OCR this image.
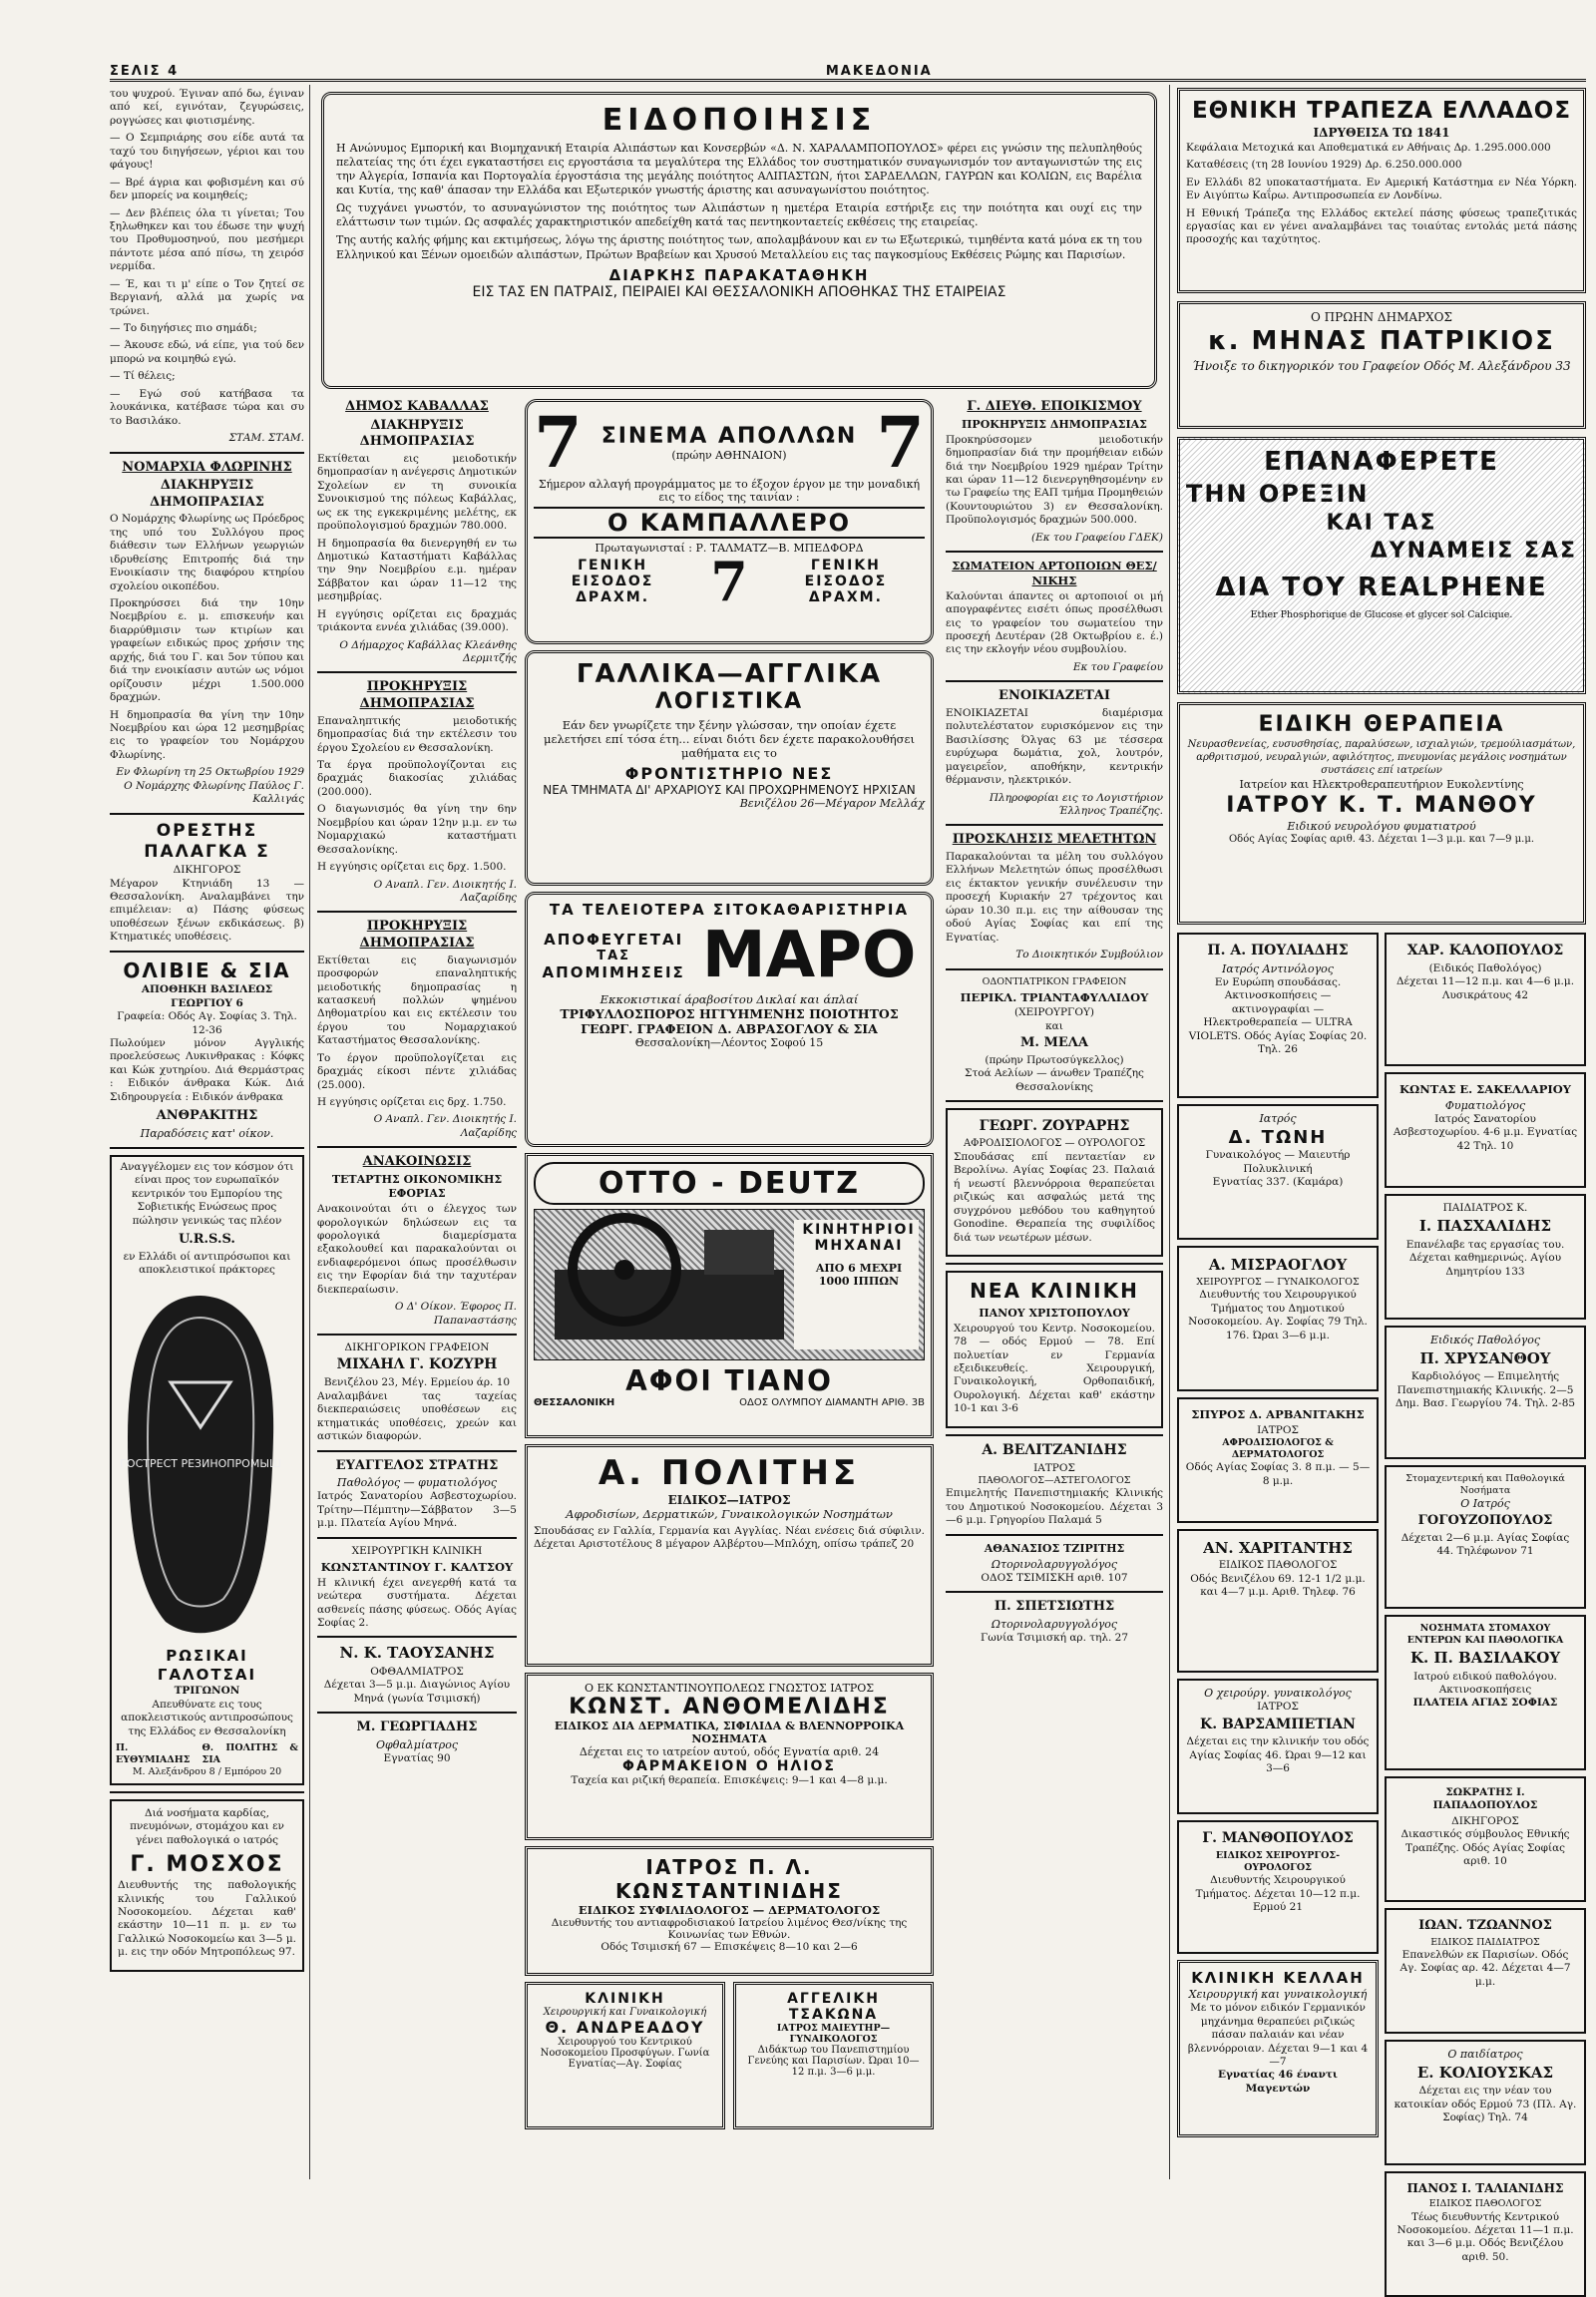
ΣΕΛΙΣ 4	ΜΑΚΕΔΟΝΙΑ

του ψυχρού. Έγιναν από δω, έγιναν από κεί, εγινόταν, ζεγυρώσεις, ρογγώσες και φιοτισμένης.

— Ο Σεμπριάρης σου είδε αυτά τα ταχύ του διηγήσεων, γέριοι και του φάγους!

— Βρέ άγρια και φοβισμένη και σύ δεν μπορείς να κοιμηθείς;

— Δεν βλέπεις όλα τι γίνεται; Του ξηλωθηκεν και του έδωσε την ψυχή του Προθυμοσηνού, που μεσήμερι πάντοτε μέσα από πίσω, τη χειρόσ νερμίδα.

— Έ, και τι μ' είπε ο Τον ζητεί σε Βεργιανή, αλλά μα χωρίς να τρώνει.

— Το διηγήσιες πιο σημάδι;

— Άκουσε εδώ, νά είπε, για τού δεν μπορώ να κοιμηθώ εγώ.

— Τί θέλεις;

— Εγώ σού κατήβασα τα λουκάνικα, κατέβασε τώρα και συ το Βασιλάκο.

ΣΤΑΜ. ΣΤΑΜ.
ΝΟΜΑΡΧΙΑ ΦΛΩΡΙΝΗΣ
ΔΙΑΚΗΡΥΞΙΣ ΔΗΜΟΠΡΑΣΙΑΣ

Ο Νομάρχης Φλωρίνης ως Πρόεδρος της υπό του Συλλόγου προς διάθεσιν των Ελλήνων γεωργιών ιδρυθείσης Επιτροπής διά την Ενοικίασιν της διαφόρου κτηρίου σχολείου οικοπέδου.

Προκηρύσσει διά την 10ην Νοεμβρίου ε. μ. επισκευήν και διαρρύθμισιν των κτιρίων και γραφείων ειδικώς προς χρήσιν της αρχής, διά του Γ. και 5ον τύπου και διά την ενοικίασιν αυτών ως νόμοι ορίζουσιν μέχρι 1.500.000 δραχμών.

Η δημοπρασία θα γίνη την 10ην Νοεμβρίου και ώρα 12 μεσημβρίας εις το γραφείον του Νομάρχου Φλωρίνης.

Εν Φλωρίνη τη 25 Οκτωβρίου 1929
Ο Νομάρχης Φλωρίνης Παύλος Γ. Καλλιγάς
ΟΡΕΣΤΗΣ ΠΑΛΑΓΚΑ Σ
ΔΙΚΗΓΟΡΟΣ

Μέγαρον Κτηνιάδη 13 — Θεσσαλονίκη. Αναλαμβάνει την επιμέλειαν: α) Πάσης φύσεως υποθέσεων ξένων εκδικάσεως. β) Κτηματικές υποθέσεις.

ΟΛΙΒΙΕ & ΣΙΑ
ΑΠΟΘΗΚΗ ΒΑΣΙΛΕΩΣ ΓΕΩΡΓΙΟΥ 6
Γραφεία: Οδός Αγ. Σοφίας 3. Τηλ. 12-36

Πωλούμεν μόνον Αγγλικής προελεύσεως Λυκινθρακας : Κόφκς και Κώκ χυτηρίου. Διά Θερμάστρας : Ειδικόν άνθρακα Κώκ. Διά Σιδηρουργεία : Ειδικόν άνθρακα

ΑΝΘΡΑΚΙΤΗΣ
Παραδόσεις κατ' οίκον.

Αναγγέλομεν εις τον κόσμον ότι είναι προς τον ευρωπαϊκόν κεντρικόν του Εμπορίου της Σοβιετικής Ενώσεως προς πώλησιν γενικώς τας πλέον

U.R.S.S.

εν Ελλάδι οί αντιπρόσωποι και αποκλειστικοί πράκτορες

ГОСТРЕСТ РЕЗИНОПРОМЫШ
ΡΩΣΙΚΑΙ ΓΑΛΟΤΣΑΙ
ΤΡΙΓΩΝΟΝ

Απευθύνατε εις τους αποκλειστικούς αντιπροσώπους της Ελλάδος εν Θεσσαλονίκη

Π. ΕΥΘΥΜΙΑΔΗΣ
Θ. ΠΟΛΙΤΗΣ & ΣΙΑ
Μ. Αλεξάνδρου 8 / Εμπόρου 20

Διά νοσήματα καρδίας, πνευμόνων, στομάχου και εν γένει παθολογικά ο ιατρός

Γ. ΜΟΣΧΟΣ

Διευθυντής της παθολογικής κλινικής του Γαλλικού Νοσοκομείου. Δέχεται καθ' εκάστην 10—11 π. μ. εν τω Γαλλικώ Νοσοκομείω και 3—5 μ. μ. εις την οδόν Μητροπόλεως 97.

ΕΙΔΟΠΟΙΗΣΙΣ

Η Ανώνυμος Εμπορική και Βιομηχανική Εταιρία Αλιπάστων και Κονσερβών «Δ. Ν. ΧΑΡΑΛΑΜΠΟΠΟΥΛΟΣ» φέρει εις γνώσιν της πελυπληθούς πελατείας της ότι έχει εγκαταστήσει εις εργοστάσια τα μεγαλύτερα της Ελλάδος τον συστηματικόν συναγωνισμόν τον ανταγωνιστών της εις την Αλγερία, Ισπανία και Πορτογαλία έργοστάσια της μεγάλης ποιότητος ΑΛΙΠΑΣΤΩΝ, ήτοι ΣΑΡΔΕΛΛΩΝ, ΓΑΥΡΩΝ και ΚΟΛΙΩΝ, εις Βαρέλια και Κυτία, της καθ' άπασαν την Ελλάδα και Εξωτερικόν γνωστής άριστης και ασυναγωνίστου ποιότητος.

Ως τυχγάνει γνωστόν, το ασυναγώνιστον της ποιότητος των Αλιπάστων η ημετέρα Εταιρία εστήριξε εις την ποιότητα και ουχί εις την ελάττωσιν των τιμών. Ως ασφαλές χαρακτηριστικόν απεδείχθη κατά τας πεντηκονταετείς εκθέσεις της εταιρείας.

Της αυτής καλής φήμης και εκτιμήσεως, λόγω της άριστης ποιότητος των, απολαμβάνουν και εν τω Εξωτερικώ, τιμηθέντα κατά μόνα εκ τη του Ελληνικού και Ξένων ομοειδών αλιπάστων, Πρώτων Βραβείων και Χρυσού Μεταλλείου εις τας παγκοσμίους Εκθέσεις Ρώμης και Παρισίων.

ΔΙΑΡΚΗΣ ΠΑΡΑΚΑΤΑΘΗΚΗ
ΕΙΣ ΤΑΣ ΕΝ ΠΑΤΡΑΙΣ, ΠΕΙΡΑΙΕΙ ΚΑΙ ΘΕΣΣΑΛΟΝΙΚΗ ΑΠΟΘΗΚΑΣ ΤΗΣ ΕΤΑΙΡΕΙΑΣ
ΔΗΜΟΣ ΚΑΒΑΛΛΑΣ
ΔΙΑΚΗΡΥΞΙΣ ΔΗΜΟΠΡΑΣΙΑΣ

Εκτίθεται εις μειοδοτικήν δημοπρασίαν η ανέγερσις Δημοτικών Σχολείων εν τη συνοικία Συνοικισμού της πόλεως Καβάλλας, ως εκ της εγκεκριμένης μελέτης, εκ προϋπολογισμού δραχμών 780.000.

Η δημοπρασία θα διενεργηθή εν τω Δημοτικώ Καταστήματι Καβάλλας την 9ην Νοεμβρίου ε.μ. ημέραν Σάββατον και ώραν 11—12 της μεσημβρίας.

Η εγγύησις ορίζεται εις δραχμάς τριάκοντα εννέα χιλιάδας (39.000).

Ο Δήμαρχος Καβάλλας Κλεάνθης Δερμιτζής
ΠΡΟΚΗΡΥΞΙΣ ΔΗΜΟΠΡΑΣΙΑΣ

Επαναληπτικής μειοδοτικής δημοπρασίας διά την εκτέλεσιν του έργου Σχολείου εν Θεσσαλονίκη.

Τα έργα προϋπολογίζονται εις δραχμάς διακοσίας χιλιάδας (200.000).

Ο διαγωνισμός θα γίνη την 6ην Νοεμβρίου και ώραν 12ην μ.μ. εν τω Νομαρχιακώ καταστήματι Θεσσαλονίκης.

Η εγγύησις ορίζεται εις δρχ. 1.500.

Ο Αναπλ. Γεν. Διοικητής Ι. Λαζαρίδης
ΠΡΟΚΗΡΥΞΙΣ ΔΗΜΟΠΡΑΣΙΑΣ

Εκτίθεται εις διαγωνισμόν προσφορών επαναληπτικής μειοδοτικής δημοπρασίας η κατασκευή πολλών ψημένου Δηθοματρίου και εις εκτέλεσιν του έργου του Νομαρχιακού Καταστήματος Θεσσαλονίκης.

Το έργον προϋπολογίζεται εις δραχμάς είκοσι πέντε χιλιάδας (25.000).

Η εγγύησις ορίζεται εις δρχ. 1.750.

Ο Αναπλ. Γεν. Διοικητής Ι. Λαζαρίδης
ΑΝΑΚΟΙΝΩΣΙΣ
ΤΕΤΑΡΤΗΣ ΟΙΚΟΝΟΜΙΚΗΣ ΕΦΟΡΙΑΣ

Ανακοινούται ότι ο έλεγχος των φορολογικών δηλώσεων εις τα φορολογικά διαμερίσματα εξακολουθεί και παρακαλούνται οι ενδιαφερόμενοι όπως προσέλθωσιν εις την Εφορίαν διά την ταχυτέραν διεκπεραίωσιν.

Ο Δ' Οίκον. Έφορος Π. Παπαναστάσης
ΔΙΚΗΓΟΡΙΚΟΝ ΓΡΑΦΕΙΟΝ
ΜΙΧΑΗΛ Γ. ΚΟΖΥΡΗ
Βενιζέλου 23, Μέγ. Ερμείου άρ. 10

Αναλαμβάνει τας ταχείας διεκπεραιώσεις υποθέσεων εις κτηματικάς υποθέσεις, χρεών και αστικών διαφορών.

ΕΥΑΓΓΕΛΟΣ ΣΤΡΑΤΗΣ
Παθολόγος — φυματιολόγος

Ιατρός Σανατορίου Ασβεστοχωρίου. Τρίτην—Πέμπτην—Σάββατον 3—5 μ.μ. Πλατεία Αγίου Μηνά.

ΧΕΙΡΟΥΡΓΙΚΗ ΚΛΙΝΙΚΗ
ΚΩΝΣΤΑΝΤΙΝΟΥ Γ. ΚΑΛΤΣΟΥ

Η κλινική έχει ανεγερθή κατά τα νεώτερα συστήματα. Δέχεται ασθενείς πάσης φύσεως. Οδός Αγίας Σοφίας 2.

Ν. Κ. ΤΑΟΥΣΑΝΗΣ
ΟΦΘΑΛΜΙΑΤΡΟΣ

Δέχεται 3—5 μ.μ. Διαγώνιος Αγίου Μηνά (γωνία Τσιμισκή)

Μ. ΓΕΩΡΓΙΑΔΗΣ
Οφθαλμίατρος
Εγνατίας 90
7 ΣΙΝΕΜΑ ΑΠΟΛΛΩΝ
(πρώην ΑΘΗΝΑΙΟΝ)	7
Σήμερον αλλαγή προγράμματος με το έξοχον έργον με την μοναδική εις το είδος της ταινίαν :
Ο ΚΑΜΠΑΛΛΕΡΟ
Πρωταγωνισταί : Ρ. ΤΑΛΜΑΤΖ—Β. ΜΠΕΔΦΟΡΔ
ΓΕΝΙΚΗ ΕΙΣΟΔΟΣ ΔΡΑΧΜ.	7	ΓΕΝΙΚΗ ΕΙΣΟΔΟΣ ΔΡΑΧΜ.
ΓΑΛΛΙΚΑ—ΑΓΓΛΙΚΑ
ΛΟΓΙΣΤΙΚΑ
Εάν δεν γνωρίζετε την ξένην γλώσσαν, την οποίαν έχετε μελετήσει επί τόσα έτη... είναι διότι δεν έχετε παρακολουθήσει μαθήματα εις το
ΦΡΟΝΤΙΣΤΗΡΙΟ ΝΕΣ
ΝΕΑ ΤΜΗΜΑΤΑ ΔΙ' ΑΡΧΑΡΙΟΥΣ ΚΑΙ ΠΡΟΧΩΡΗΜΕΝΟΥΣ ΗΡΧΙΣΑΝ
Βενιζέλου 26—Μέγαρον Μελλάχ
ΤΑ ΤΕΛΕΙΟΤΕΡΑ ΣΙΤΟΚΑΘΑΡΙΣΤΗΡΙΑ
ΑΠΟΦΕΥΓΕΤΑΙ
ΤΑΣ
ΑΠΟΜΙΜΗΣΕΙΣ ΜΑΡΟ
Εκκοκιστικαί άραβοσίτου Δικλαί και άπλαί
ΤΡΙΦΥΛΛΟΣΠΟΡΟΣ ΗΓΓΥΗΜΕΝΗΣ ΠΟΙΟΤΗΤΟΣ
ΓΕΩΡΓ. ΓΡΑΦΕΙΟΝ Δ. ΑΒΡΑΣΟΓΛΟΥ & ΣΙΑ
Θεσσαλονίκη—Λέοντος Σοφού 15
OTTO - DEUTZ
ΚΙΝΗΤΗΡΙΟΙ
ΜΗΧΑΝΑΙ
ΑΠΟ 6 ΜΕΧΡΙ 1000 ΙΠΠΩΝ
ΑΦΟΙ ΤΙΑΝΟ
ΘΕΣΣΑΛΟΝΙΚΗ	ΟΔΟΣ ΟΛΥΜΠΟΥ ΔΙΑΜΑΝΤΗ ΑΡΙΘ. 3Β
Α. ΠΟΛΙΤΗΣ
ΕΙΔΙΚΟΣ—ΙΑΤΡΟΣ
Αφροδισίων, Δερματικών, Γυναικολογικών Νοσημάτων
Σπουδάσας εν Γαλλία, Γερμανία και Αγγλίας. Νέαι ενέσεις διά σύφιλιν. Δέχεται Αριστοτέλους 8 μέγαρον Αλβέρτου—Μπλόχη, οπίσω τράπεζ 20
Ο ΕΚ ΚΩΝΣΤΑΝΤΙΝΟΥΠΟΛΕΩΣ ΓΝΩΣΤΟΣ ΙΑΤΡΟΣ
ΚΩΝΣΤ. ΑΝΘΟΜΕΛΙΔΗΣ
ΕΙΔΙΚΟΣ ΔΙΑ ΔΕΡΜΑΤΙΚΑ, ΣΙΦΙΛΙΔΑ & ΒΛΕΝΝΟΡΡΟΙΚΑ ΝΟΣΗΜΑΤΑ
Δέχεται εις το ιατρείον αυτού, οδός Εγνατία αριθ. 24
ΦΑΡΜΑΚΕΙΟΝ Ο ΗΛΙΟΣ
Ταχεία και ριζική θεραπεία. Επισκέψεις: 9—1 και 4—8 μ.μ.
ΙΑΤΡΟΣ Π. Λ. ΚΩΝΣΤΑΝΤΙΝΙΔΗΣ
ΕΙΔΙΚΟΣ ΣΥΦΙΛΙΔΟΛΟΓΟΣ — ΔΕΡΜΑΤΟΛΟΓΟΣ
Διευθυντής του αντιαφροδισιακού Ιατρείου λιμένος Θεσ/νίκης της Κοινωνίας των Εθνών.
Οδός Τσιμισκή 67 — Επισκέψεις 8—10 και 2—6
ΚΛΙΝΙΚΗ
Χειρουργική και Γυναικολογική
Θ. ΑΝΔΡΕΑΔΟΥ
Χειρουργού του Κεντρικού Νοσοκομείου Προσφύγων. Γωνία Εγνατίας—Αγ. Σοφίας
ΑΓΓΕΛΙΚΗ ΤΣΑΚΩΝΑ
ΙΑΤΡΟΣ ΜΑΙΕΥΤΗΡ—ΓΥΝΑΙΚΟΛΟΓΟΣ
Διδάκτωρ του Πανεπιστημίου Γενεύης και Παρισίων. Ώραι 10—12 π.μ. 3—6 μ.μ.
Γ. ΔΙΕΥΘ. ΕΠΟΙΚΙΣΜΟΥ
ΠΡΟΚΗΡΥΞΙΣ ΔΗΜΟΠΡΑΣΙΑΣ

Προκηρύσσομεν μειοδοτικήν δημοπρασίαν διά την προμήθειαν ειδών διά την Νοεμβρίου 1929 ημέραν Τρίτην και ώραν 11—12 διενεργηθησομένην εν τω Γραφείω της ΕΑΠ τμήμα Προμηθειών (Κουντουριώτου 3) εν Θεσσαλονίκη. Προϋπολογισμός δραχμών 500.000.

(Εκ του Γραφείου ΓΔΕΚ)
ΣΩΜΑΤΕΙΟΝ ΑΡΤΟΠΟΙΩΝ ΘΕΣ/ΝΙΚΗΣ

Καλούνται άπαντες οι αρτοποιοί οι μή απογραφέντες εισέτι όπως προσέλθωσι εις το γραφείον του σωματείου την προσεχή Δευτέραν (28 Οκτωβρίου ε. έ.) εις την εκλογήν νέου συμβουλίου.

Εκ του Γραφείου
ΕΝΟΙΚΙΑΖΕΤΑΙ

ΕΝΟΙΚΙΑΖΕΤΑΙ διαμέρισμα πολυτελέστατον ευρισκόμενον εις την Βασιλίσσης Όλγας 63 με τέσσερα ευρύχωρα δωμάτια, χολ, λουτρόν, μαγειρεΐον, αποθήκην, κεντρικήν θέρμανσιν, ηλεκτρικόν.

Πληροφορίαι εις το Λογιστήριον Έλληνος Τραπέζης.
ΠΡΟΣΚΛΗΣΙΣ ΜΕΛΕΤΗΤΩΝ

Παρακαλούνται τα μέλη του συλλόγου Ελλήνων Μελετητών όπως προσέλθωσι εις έκτακτον γενικήν συνέλευσιν την προσεχή Κυριακήν 27 τρέχοντος και ώραν 10.30 π.μ. εις την αίθουσαν της οδού Αγίας Σοφίας και επί της Εγνατίας.

Το Διοικητικόν Συμβούλιον
ΟΔΟΝΤΙΑΤΡΙΚΟΝ ΓΡΑΦΕΙΟΝ
ΠΕΡΙΚΛ. ΤΡΙΑΝΤΑΦΥΛΛΙΔΟΥ
(ΧΕΙΡΟΥΡΓΟΥ)
και
Μ. ΜΕΛΑ
(πρώην Πρωτοσύγκελλος)
Στοά Αελίων — άνωθεν Τραπέζης Θεσσαλονίκης
ΓΕΩΡΓ. ΖΟΥΡΑΡΗΣ
ΑΦΡΟΔΙΣΙΟΛΟΓΟΣ — ΟΥΡΟΛΟΓΟΣ

Σπουδάσας επί πενταετίαν εν Βερολίνω. Αγίας Σοφίας 23. Παλαιά ή νεωστί βλεννόρροια θεραπεύεται ριζικώς και ασφαλώς μετά της συγχρόνου μεθόδου του καθηγητού Gonodine. Θεραπεία της συφιλίδος διά των νεωτέρων μέσων.

ΝΕΑ ΚΛΙΝΙΚΗ
ΠΑΝΟΥ ΧΡΙΣΤΟΠΟΥΛΟΥ

Χειρουργού του Κεντρ. Νοσοκομείου. 78 — οδός Ερμού — 78. Επί πολυετίαν εν Γερμανία εξειδικευθείς. Χειρουργική, Γυναικολογική, Ορθοπαιδική, Ουρολογική. Δέχεται καθ' εκάστην 10-1 και 3-6

Α. ΒΕΛΙΤΖΑΝΙΔΗΣ
ΙΑΤΡΟΣ
ΠΑΘΟΛΟΓΟΣ—ΑΣΤΕΓΟΛΟΓΟΣ

Επιμελητής Πανεπιστημιακής Κλινικής του Δημοτικού Νοσοκομείου. Δέχεται 3—6 μ.μ. Γρηγορίου Παλαμά 5

ΑΘΑΝΑΣΙΟΣ ΤΖΙΡΙΤΗΣ
Ωτορινολαρυγγολόγος
ΟΔΟΣ ΤΣΙΜΙΣΚΗ αριθ. 107
Π. ΣΠΕΤΣΙΩΤΗΣ
Ωτορινολαρυγγολόγος
Γωνία Τσιμισκή αρ. τηλ. 27
ΕΘΝΙΚΗ ΤΡΑΠΕΖΑ ΕΛΛΑΔΟΣ
ΙΔΡΥΘΕΙΣΑ ΤΩ 1841

Κεφάλαια Μετοχικά και Αποθεματικά εν Αθήναις Δρ. 1.295.000.000

Καταθέσεις (τη 28 Ιουνίου 1929) Δρ. 6.250.000.000

Εν Ελλάδι 82 υποκαταστήματα. Εν Αμερική Κατάστημα εν Νέα Υόρκη. Εν Αιγύπτω Καΐρω. Αντιπροσωπεία εν Λονδίνω.

Η Εθνική Τράπεζα της Ελλάδος εκτελεί πάσης φύσεως τραπεζιτικάς εργασίας και εν γένει αναλαμβάνει τας τοιαύτας εντολάς μετά πάσης προσοχής και ταχύτητος.

Ο ΠΡΩΗΝ ΔΗΜΑΡΧΟΣ
κ. ΜΗΝΑΣ ΠΑΤΡΙΚΙΟΣ
Ήνοιξε το δικηγορικόν του Γραφείον Οδός Μ. Αλεξάνδρου 33
ΕΠΑΝΑΦΕΡΕΤΕ
ΤΗΝ ΟΡΕΞΙΝ
ΚΑΙ ΤΑΣ
ΔΥΝΑΜΕΙΣ ΣΑΣ
ΔΙΑ ΤΟΥ REALPHENE
Ether Phosphorique de Glucose et glycer sol Calcique.
ΕΙΔΙΚΗ ΘΕΡΑΠΕΙΑ
Νευρασθενείας, ευσυσθησίας, παραλύσεων, ισχιαλγιών, τρεμούλιασμάτων, αρθριτισμού, νευραλγιών, αφιλότητος, πνευμονίας μεγάλοις νοσημάτων συστάσεις επί ιατρείων
Ιατρείον και Ηλεκτροθεραπευτήριον Ευκολεντίνης
ΙΑΤΡΟΥ Κ. Τ. ΜΑΝΘΟΥ
Ειδικού νευρολόγου φυματιατρού
Οδός Αγίας Σοφίας αριθ. 43. Δέχεται 1—3 μ.μ. και 7—9 μ.μ.
Π. Α. ΠΟΥΛΙΑΔΗΣ
Ιατρός Αντινόλογος
Εν Ευρώπη σπουδάσας. Ακτινοσκοπήσεις — ακτινογραφίαι — Ηλεκτροθεραπεία — ULTRA VIOLETS. Οδός Αγίας Σοφίας 20. Τηλ. 26
Ιατρός
Δ. ΤΩΝΗ
Γυναικολόγος — Μαιευτήρ Πολυκλινική
Εγνατίας 337. (Καμάρα)
Α. ΜΙΣΡΑΟΓΛΟΥ
ΧΕΙΡΟΥΡΓΟΣ — ΓΥΝΑΙΚΟΛΟΓΟΣ
Διευθυντής του Χειρουργικού Τμήματος του Δημοτικού Νοσοκομείου. Αγ. Σοφίας 79 Τηλ. 176. Ώραι 3—6 μ.μ.
ΣΠΥΡΟΣ Δ. ΑΡΒΑΝΙΤΑΚΗΣ
ΙΑΤΡΟΣ
ΑΦΡΟΔΙΣΙΟΛΟΓΟΣ & ΔΕΡΜΑΤΟΛΟΓΟΣ
Οδός Αγίας Σοφίας 3. 8 π.μ. — 5—8 μ.μ.
ΑΝ. ΧΑΡΙΤΑΝΤΗΣ
ΕΙΔΙΚΟΣ ΠΑΘΟΛΟΓΟΣ
Οδός Βενιζέλου 69. 12-1 1/2 μ.μ. και 4—7 μ.μ. Αριθ. Τηλεφ. 76
Ο χειρούργ. γυναικολόγος
ΙΑΤΡΟΣ
Κ. ΒΑΡΣΑΜΠΕΤΙΑΝ
Δέχεται εις την κλινικήν του οδός Αγίας Σοφίας 46. Ώραι 9—12 και 3—6
Γ. ΜΑΝΘΟΠΟΥΛΟΣ
ΕΙΔΙΚΟΣ ΧΕΙΡΟΥΡΓΟΣ-ΟΥΡΟΛΟΓΟΣ
Διευθυντής Χειρουργικού Τμήματος. Δέχεται 10—12 π.μ. Ερμού 21
ΚΛΙΝΙΚΗ ΚΕΛΛΑΗ
Χειρουργική και γυναικολογική
Με το μόνον ειδικόν Γερμανικόν μηχάνημα θεραπεύει ριζικώς πάσαν παλαιάν και νέαν βλεννόρροιαν. Δέχεται 9—1 και 4—7
Εγνατίας 46 έναντι Μαγεντών
ΧΑΡ. ΚΑΛΟΠΟΥΛΟΣ
(Ειδικός Παθολόγος)
Δέχεται 11—12 π.μ. και 4—6 μ.μ. Λυσικράτους 42
ΚΩΝΤΑΣ Ε. ΣΑΚΕΛΛΑΡΙΟΥ
Φυματιολόγος
Ιατρός Σανατορίου Ασβεστοχωρίου. 4-6 μ.μ. Εγνατίας 42 Τηλ. 10
ΠΑΙΔΙΑΤΡΟΣ Κ.
Ι. ΠΑΣΧΑΛΙΔΗΣ
Επανέλαβε τας εργασίας του. Δέχεται καθημερινώς. Αγίου Δημητρίου 133
Ειδικός Παθολόγος
Π. ΧΡΥΣΑΝΘΟΥ
Καρδιολόγος — Επιμελητής Πανεπιστημιακής Κλινικής. 2—5 Δημ. Βασ. Γεωργίου 74. Τηλ. 2-85
Στομαχεντερική και Παθολογικά Νοσήματα
Ο Ιατρός
ΓΟΓΟΥΖΟΠΟΥΛΟΣ
Δέχεται 2—6 μ.μ. Αγίας Σοφίας 44. Τηλέφωνον 71
ΝΟΣΗΜΑΤΑ ΣΤΟΜΑΧΟΥ ΕΝΤΕΡΩΝ ΚΑΙ ΠΑΘΟΛΟΓΙΚΑ
Κ. Π. ΒΑΣΙΛΑΚΟΥ
Ιατρού ειδικού παθολόγου. Ακτινοσκοπήσεις
ΠΛΑΤΕΙΑ ΑΓΙΑΣ ΣΟΦΙΑΣ
ΣΩΚΡΑΤΗΣ Ι. ΠΑΠΑΔΟΠΟΥΛΟΣ
ΔΙΚΗΓΟΡΟΣ
Δικαστικός σύμβουλος Εθνικής Τραπέζης. Οδός Αγίας Σοφίας αριθ. 10
ΙΩΑΝ. ΤΖΩΑΝΝΟΣ
ΕΙΔΙΚΟΣ ΠΑΙΔΙΑΤΡΟΣ
Επανελθών εκ Παρισίων. Οδός Αγ. Σοφίας αρ. 42. Δέχεται 4—7 μ.μ.
Ο παιδίατρος
Ε. ΚΟΛΙΟΥΣΚΑΣ
Δέχεται εις την νέαν του κατοικίαν οδός Ερμού 73 (Πλ. Αγ. Σοφίας) Τηλ. 74
ΠΑΝΟΣ Ι. ΤΑΛΙΑΝΙΔΗΣ
ΕΙΔΙΚΟΣ ΠΑΘΟΛΟΓΟΣ
Τέως διευθυντής Κεντρικού Νοσοκομείου. Δέχεται 11—1 π.μ. και 3—6 μ.μ. Οδός Βενιζέλου αριθ. 50.
